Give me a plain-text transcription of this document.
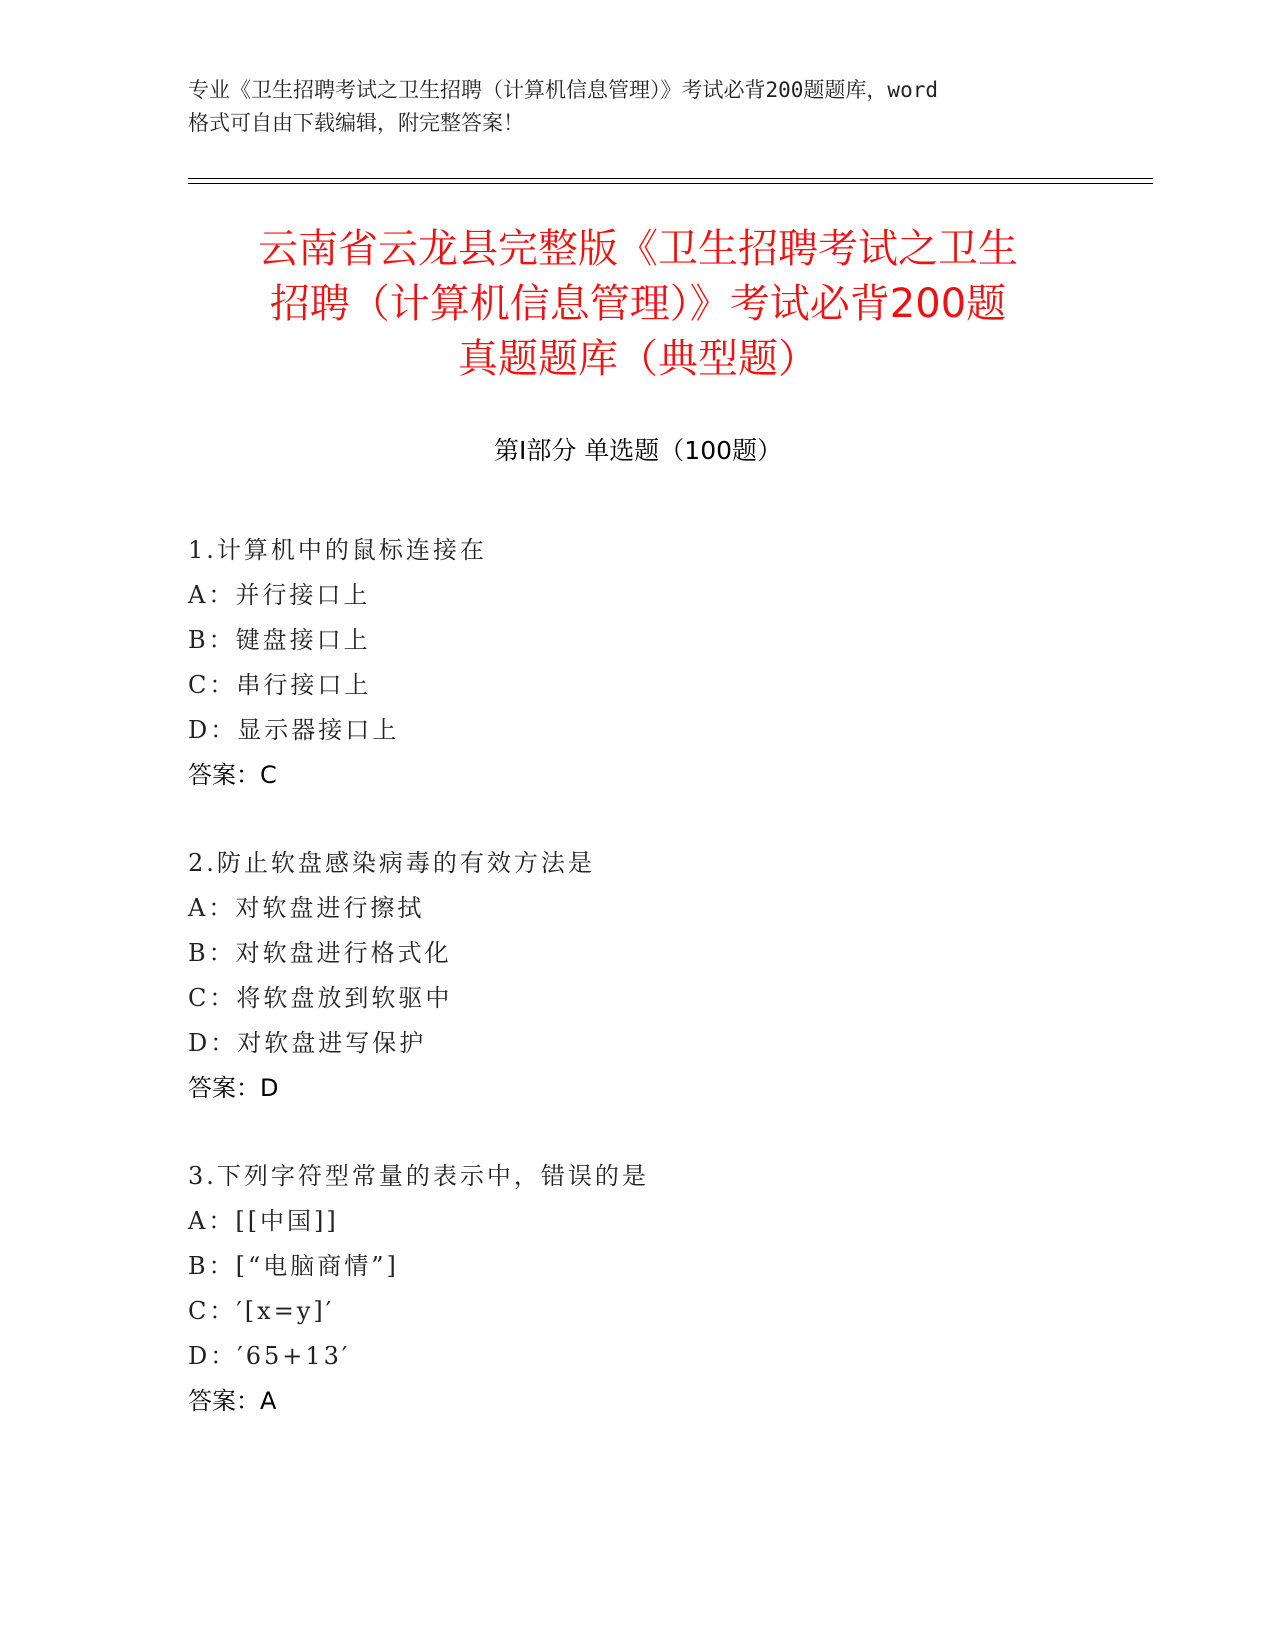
专业《卫生招聘考试之卫生招聘（计算机信息管理）》考试必背200题题库，word
格式可自由下载编辑，附完整答案！
云南省云龙县完整版《卫生招聘考试之卫生
招聘（计算机信息管理）》考试必背200题
真题题库（典型题）
第Ⅰ部分 单选题（100题）
1.计算机中的鼠标连接在
A：并行接口上
B：键盘接口上
C：串行接口上
D：显示器接口上
答案：C
2.防止软盘感染病毒的有效方法是
A：对软盘进行擦拭
B：对软盘进行格式化
C：将软盘放到软驱中
D：对软盘进写保护
答案：D
3.下列字符型常量的表示中，错误的是
A：[[中国]]
B：[“电脑商情”]
C：′[x=y]′
D：′65+13′
答案：A
